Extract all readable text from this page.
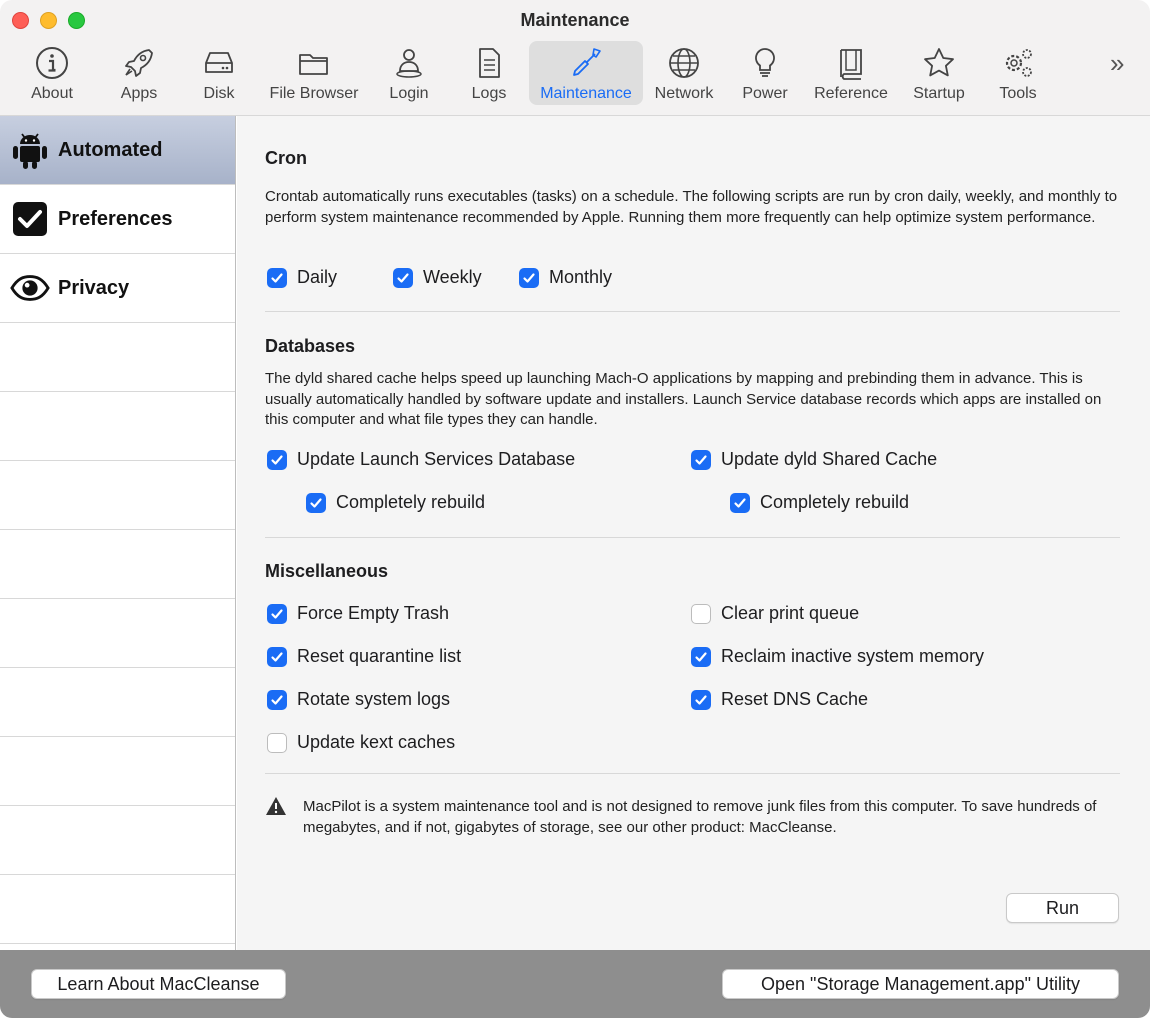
Maintenance
About	Apps	Disk File Browser Login	Logs Maintenance Network Power Reference Startup Tools
»
Automated
Preferences
Privacy
Cron
Crontab automatically runs executables (tasks) on a schedule. The following scripts are run by cron daily, weekly, and monthly to perform system maintenance recommended by Apple. Running them more frequently can help optimize system performance.
Daily	Weekly	Monthly
Databases
The dyld shared cache helps speed up launching Mach-O applications by mapping and prebinding them in advance. This is usually automatically handled by software update and installers. Launch Service database records which apps are installed on this computer and what file types they can handle.
Update Launch Services Database
Completely rebuild
Update dyld Shared Cache
Completely rebuild
Miscellaneous
Force Empty Trash
Reset quarantine list
Rotate system logs
Update kext caches
Clear print queue
Reclaim inactive system memory
Reset DNS Cache
MacPilot is a system maintenance tool and is not designed to remove junk files from this computer. To save hundreds of megabytes, and if not, gigabytes of storage, see our other product: MacCleanse.
Run
Learn About MacCleanse	Open "Storage Management.app" Utility
